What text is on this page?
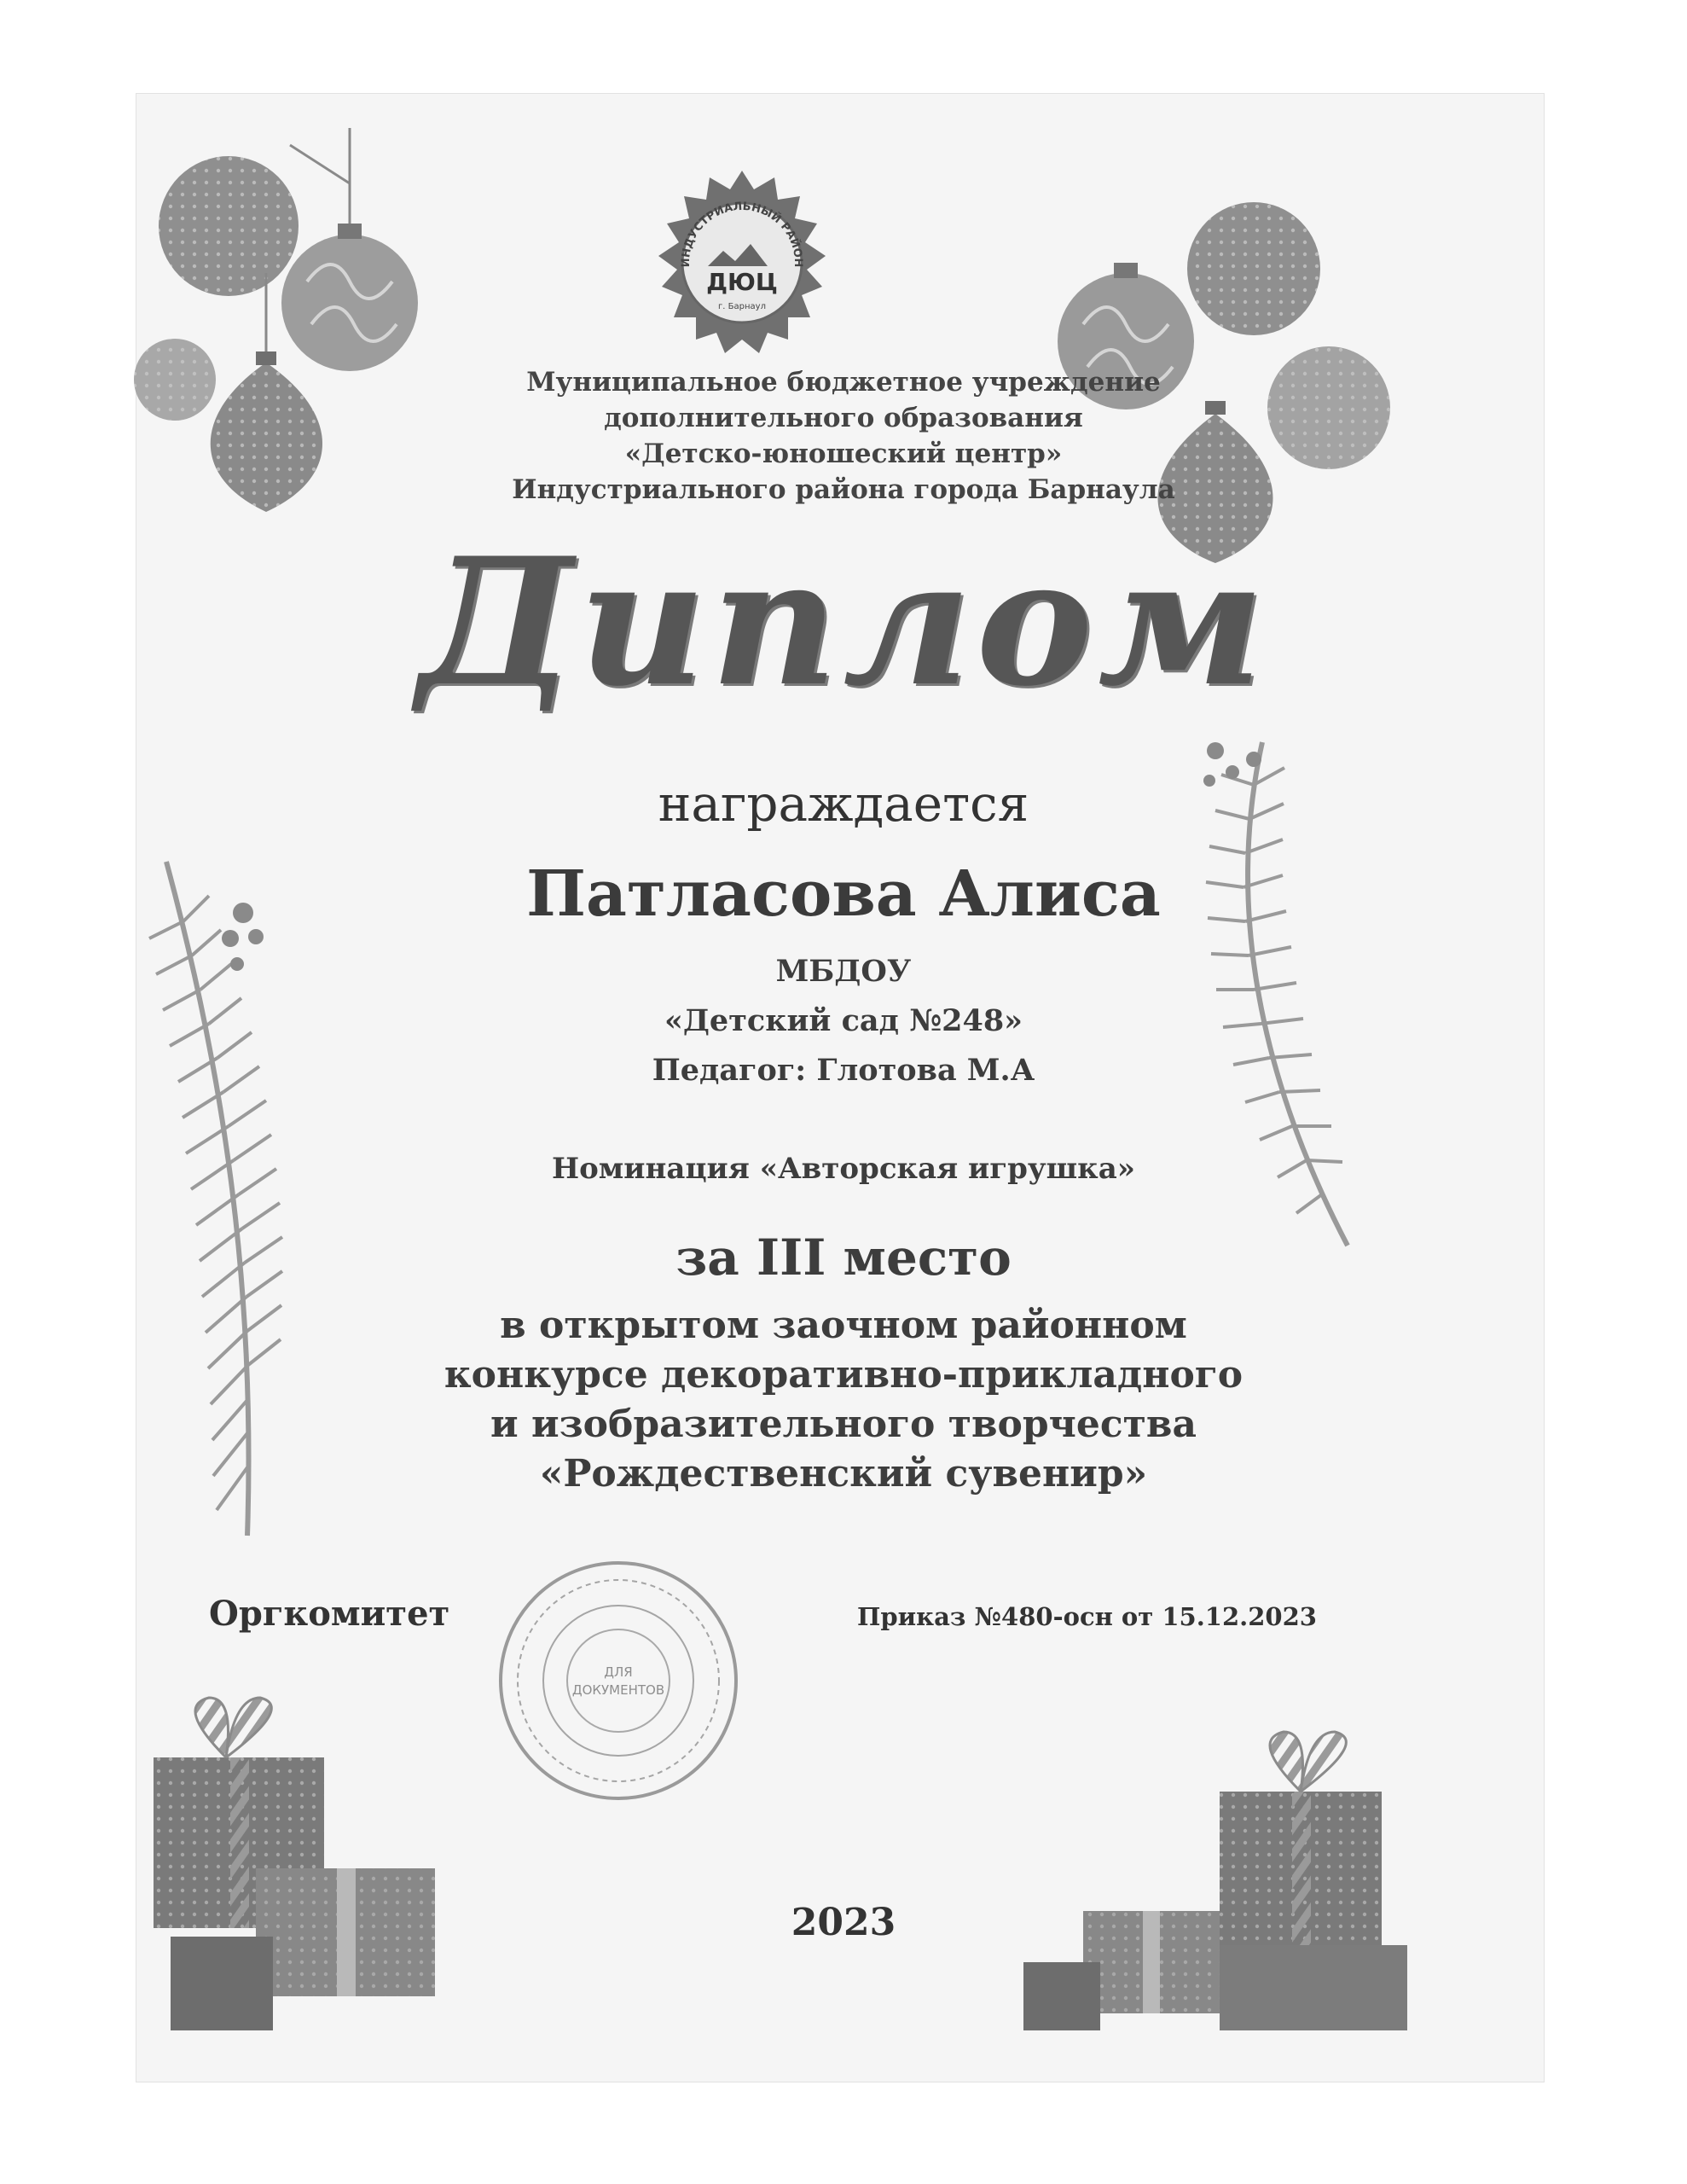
ИНДУСТРИАЛЬНЫЙ РАЙОН
ДЮЦ
г. Барнаул

Муниципальное бюджетное учреждение

дополнительного образования

«Детско-юношеский центр»

Индустриального района города Барнаула

Диплом

награждается

Патласова Алиса

МБДОУ

«Детский сад №248»

Педагог: Глотова М.А

Номинация «Авторская игрушка»

за III место

в открытом заочном районном

конкурсе декоративно-прикладного

и изобразительного творчества

«Рождественский сувенир»

Оргкомитет

ДЛЯ
ДОКУМЕНТОВ

Приказ №480-осн от 15.12.2023

2023
